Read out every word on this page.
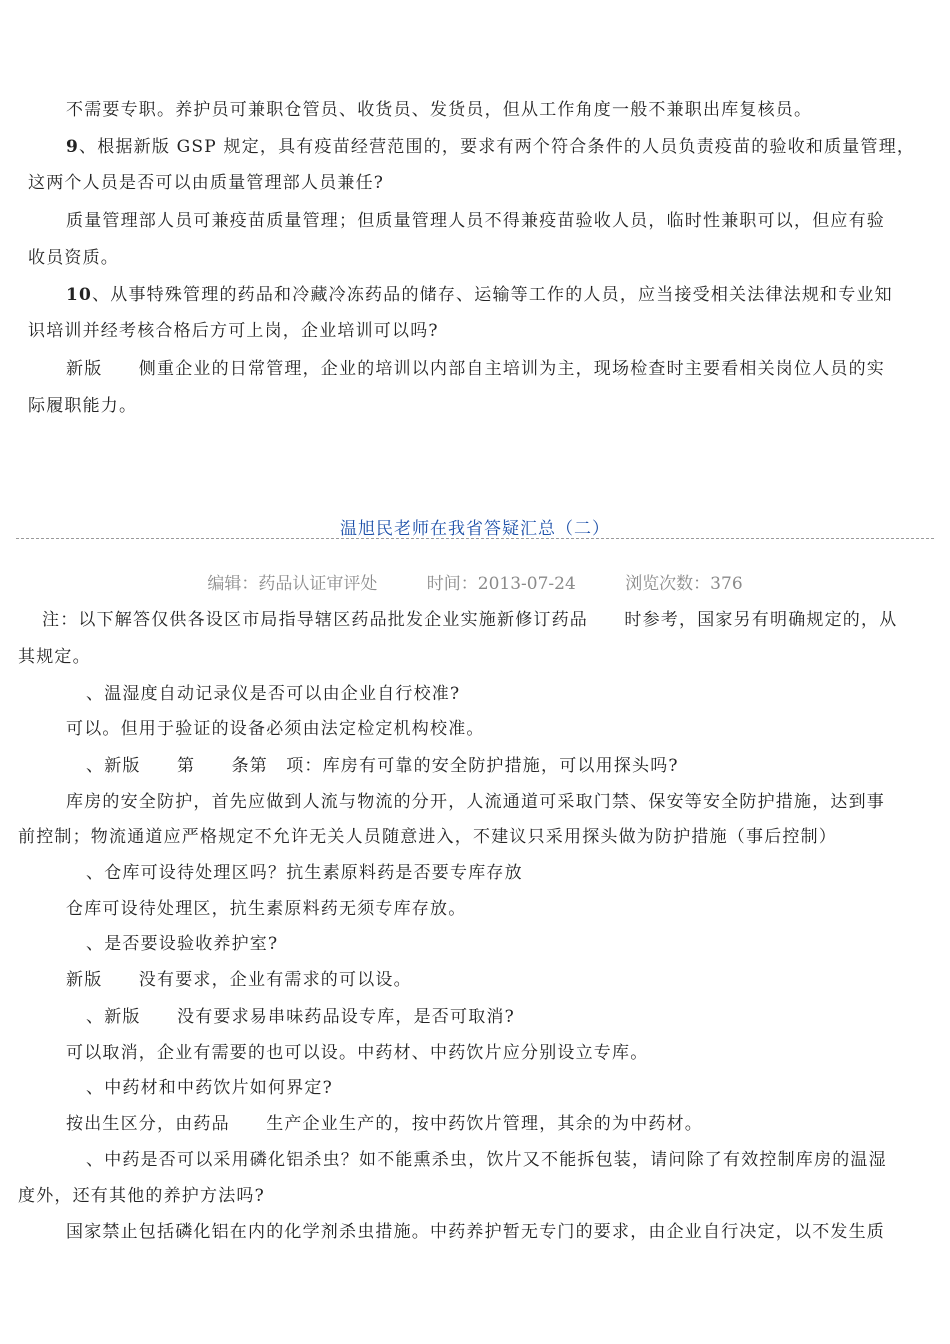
不需要专职。养护员可兼职仓管员、收货员、发货员，但从工作角度一般不兼职出库复核员。
9、根据新版 GSP 规定，具有疫苗经营范围的，要求有两个符合条件的人员负责疫苗的验收和质量管理，
这两个人员是否可以由质量管理部人员兼任?
质量管理部人员可兼疫苗质量管理；但质量管理人员不得兼疫苗验收人员，临时性兼职可以，但应有验
收员资质。
10、从事特殊管理的药品和冷藏冷冻药品的储存、运输等工作的人员，应当接受相关法律法规和专业知
识培训并经考核合格后方可上岗，企业培训可以吗?
新版　　侧重企业的日常管理，企业的培训以内部自主培训为主，现场检查时主要看相关岗位人员的实
际履职能力。
温旭民老师在我省答疑汇总（二）
编辑：药品认证审评处	时间：2013-07-24	浏览次数：376
注：以下解答仅供各设区市局指导辖区药品批发企业实施新修订药品　　时参考，国家另有明确规定的，从
其规定。
、温湿度自动记录仪是否可以由企业自行校准?
可以。但用于验证的设备必须由法定检定机构校准。
、新版　　第　　条第　项：库房有可靠的安全防护措施，可以用探头吗?
库房的安全防护，首先应做到人流与物流的分开，人流通道可采取门禁、保安等安全防护措施，达到事
前控制；物流通道应严格规定不允许无关人员随意进入，不建议只采用探头做为防护措施（事后控制）
、仓库可设待处理区吗？抗生素原料药是否要专库存放
仓库可设待处理区，抗生素原料药无须专库存放。
、是否要设验收养护室?
新版　　没有要求，企业有需求的可以设。
、新版　　没有要求易串味药品设专库，是否可取消?
可以取消，企业有需要的也可以设。中药材、中药饮片应分别设立专库。
、中药材和中药饮片如何界定?
按出生区分，由药品　　生产企业生产的，按中药饮片管理，其余的为中药材。
、中药是否可以采用磷化铝杀虫？如不能熏杀虫，饮片又不能拆包装，请问除了有效控制库房的温湿
度外，还有其他的养护方法吗?
国家禁止包括磷化铝在内的化学剂杀虫措施。中药养护暂无专门的要求，由企业自行决定，以不发生质
